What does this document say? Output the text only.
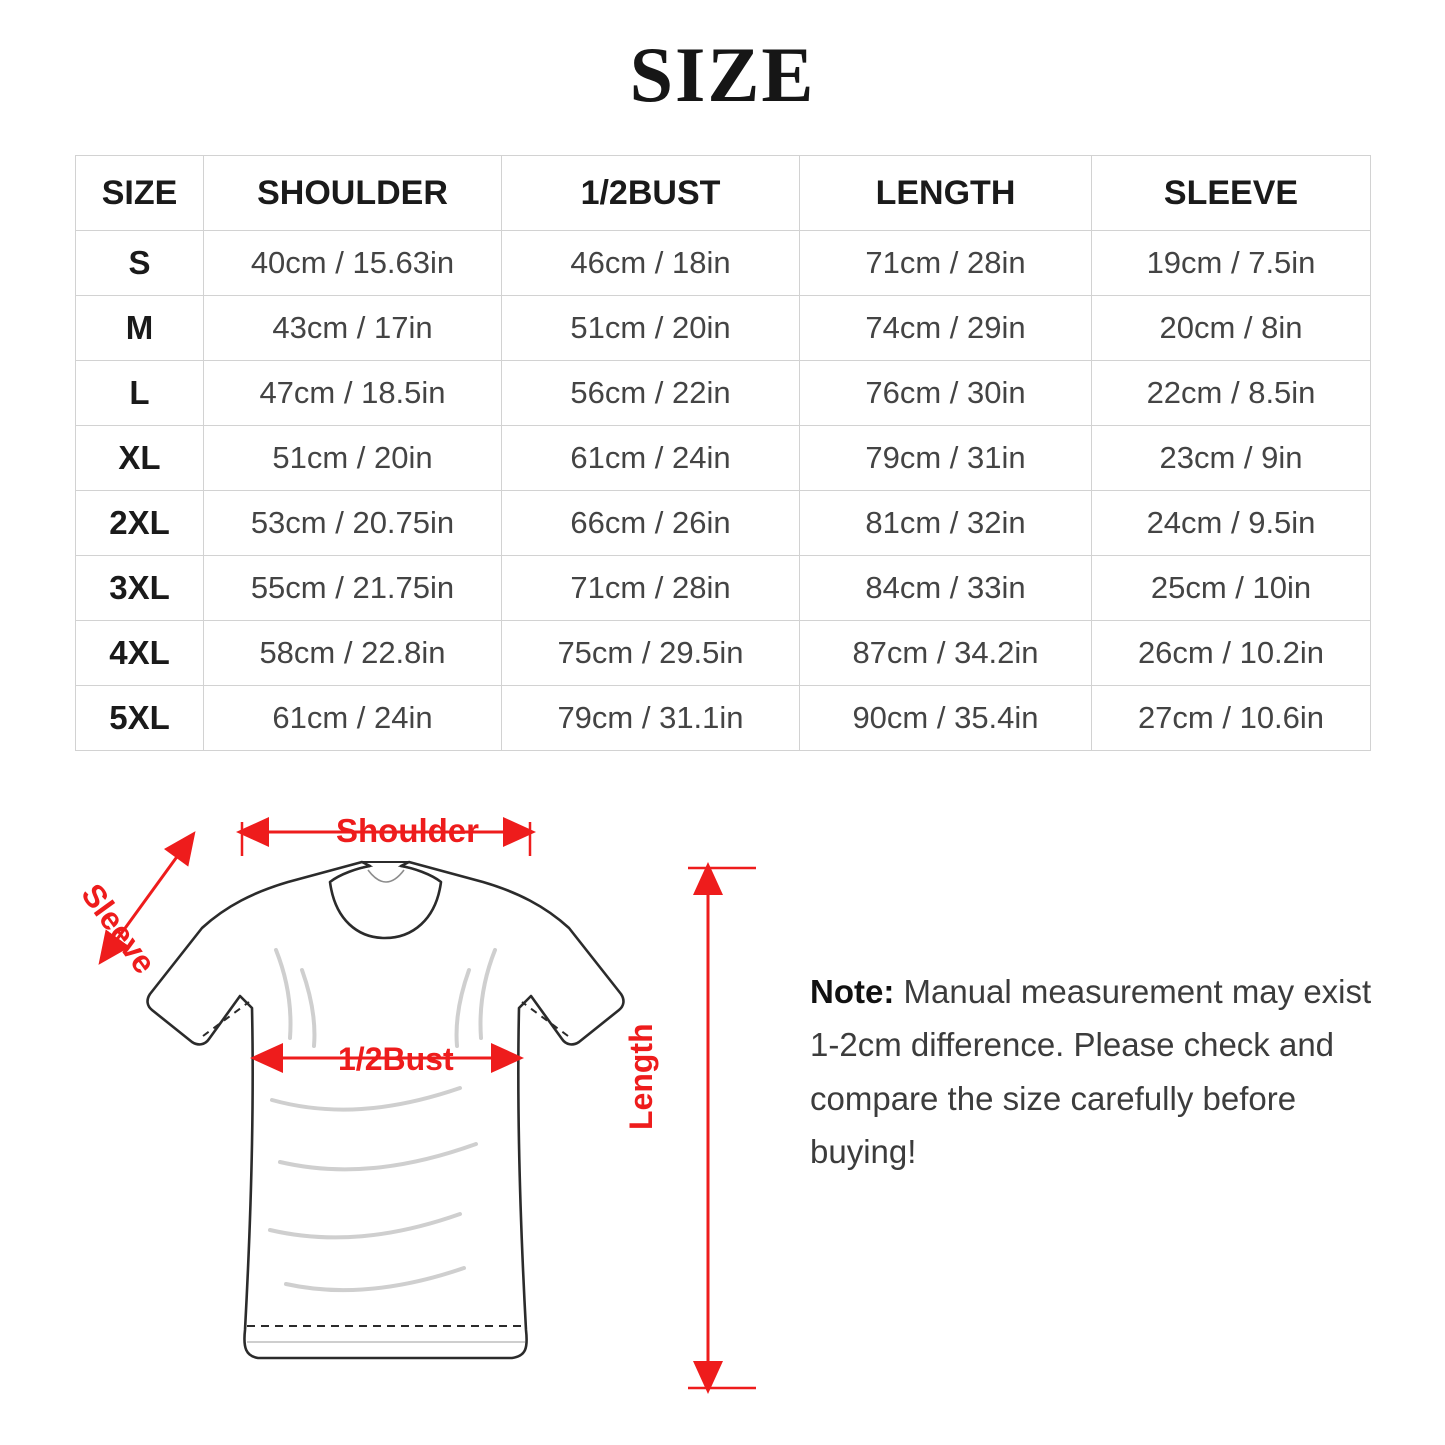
SIZE
SIZE	SHOULDER	1/2BUST	LENGTH	SLEEVE
S	40cm / 15.63in	46cm / 18in	71cm / 28in	19cm / 7.5in
M	43cm / 17in	51cm / 20in	74cm / 29in	20cm / 8in
L	47cm / 18.5in	56cm / 22in	76cm / 30in	22cm / 8.5in
XL	51cm / 20in	61cm / 24in	79cm / 31in	23cm / 9in
2XL	53cm / 20.75in	66cm / 26in	81cm / 32in	24cm / 9.5in
3XL	55cm / 21.75in	71cm / 28in	84cm / 33in	25cm / 10in
4XL	58cm / 22.8in	75cm / 29.5in	87cm / 34.2in	26cm / 10.2in
5XL	61cm / 24in	79cm / 31.1in	90cm / 35.4in	27cm / 10.6in
Shoulder
Sleeve
1/2Bust	Length
Note: Manual measurement may exist 1-2cm difference. Please check and compare the size carefully before buying!
